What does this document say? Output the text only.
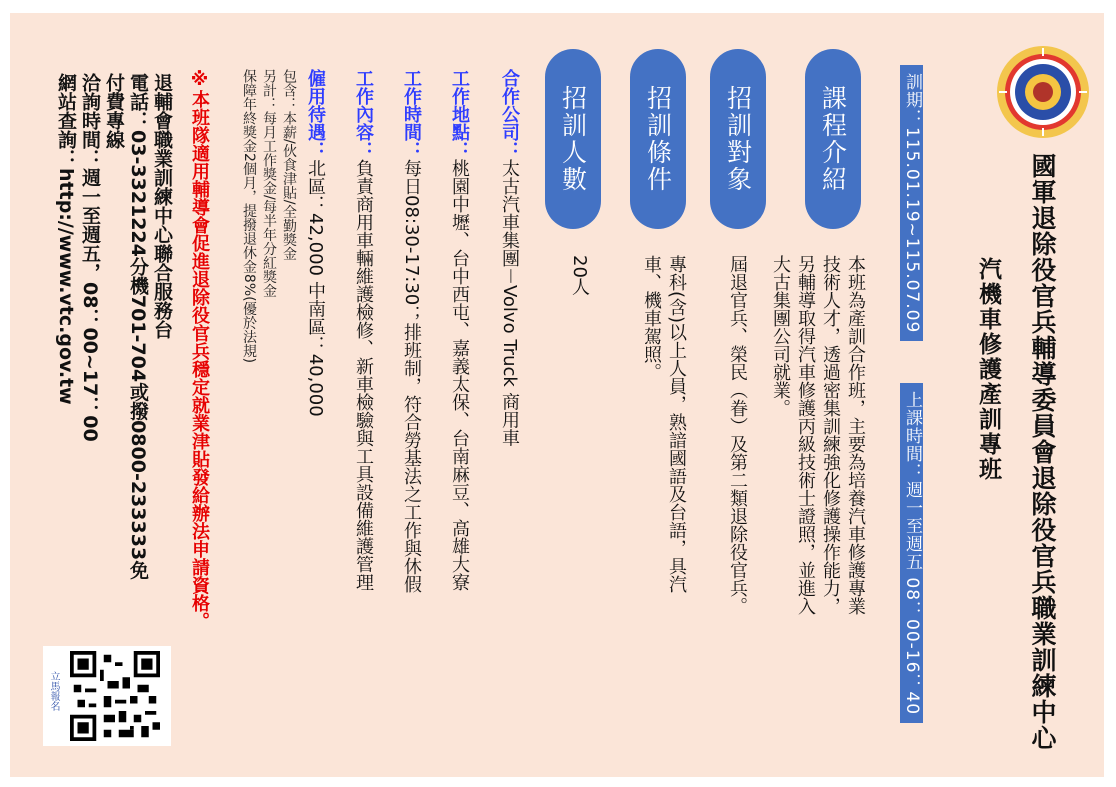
國軍退除役官兵輔導委員會退除役官兵職業訓練中心
汽機車修護產訓專班
訓期：115.01.19~115.07.09
上課時間：週一至週五 08：00-16：40
課程介紹
招訓對象
招訓條件
招訓人數
本班為產訓合作班，主要為培養汽車修護專業
技術人才，透過密集訓練強化修護操作能力，
另輔導取得汽車修護丙級技術士證照，並進入
大古集團公司就業。
屆退官兵、榮民（眷）及第二類退除役官兵。
專科(含)以上人員，熟諳國語及台語，具汽
車、機車駕照。
20人
合作公司：太古汽車集團－Volvo Truck 商用車
工作地點：桃園中壢、台中西屯、嘉義太保、台南麻豆、高雄大寮
工作時間：每日08:30-17:30；排班制，符合勞基法之工作與休假
工作內容：負責商用車輛維護檢修、新車檢驗與工具設備維護管理
僱用待遇：北區：42,000 中南區：40,000
包含：本薪/伙食津貼/全勤獎金
另計：每月工作獎金/每半年分紅獎金
保障年終獎金2個月，提撥退休金8%(優於法規)
※本班隊適用輔導會促進退除役官兵穩定就業津貼發給辦法申請資格。
退輔會職業訓練中心聯合服務台
電話：03-3321224分機701-704或撥0800-233333免
付費專線
洽詢時間：週一至週五，08：00~17：00
網站查詢：http://www.vtc.gov.tw
立馬報名
